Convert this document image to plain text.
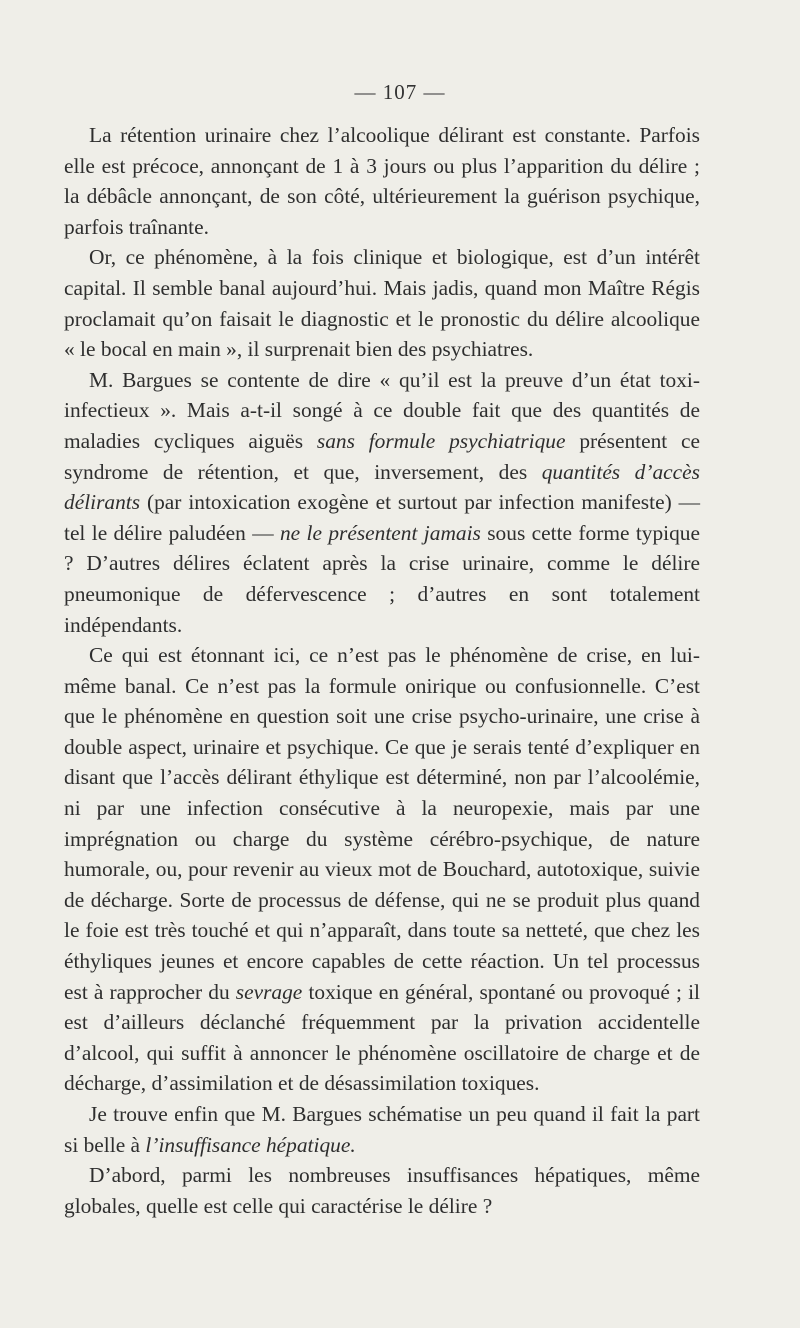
— 107 —

La rétention urinaire chez l’alcoolique délirant est constante. Parfois elle est précoce, annonçant de 1 à 3 jours ou plus l’apparition du délire ; la débâcle annonçant, de son côté, ultérieurement la guérison psychique, parfois traînante.

Or, ce phénomène, à la fois clinique et biologique, est d’un intérêt capital. Il semble banal aujourd’hui. Mais jadis, quand mon Maître Régis proclamait qu’on faisait le diagnostic et le pronostic du délire alcoolique « le bocal en main », il surprenait bien des psychiatres.

M. Bargues se contente de dire « qu’il est la preuve d’un état toxi-infectieux ». Mais a-t-il songé à ce double fait que des quantités de maladies cycliques aiguës sans formule psychiatrique présentent ce syndrome de rétention, et que, inversement, des quantités d’accès délirants (par intoxication exogène et surtout par infection manifeste) — tel le délire paludéen — ne le présentent jamais sous cette forme typique ? D’autres délires éclatent après la crise urinaire, comme le délire pneumonique de défervescence ; d’autres en sont totalement indépendants.

Ce qui est étonnant ici, ce n’est pas le phénomène de crise, en lui-même banal. Ce n’est pas la formule onirique ou confusionnelle. C’est que le phénomène en question soit une crise psycho-urinaire, une crise à double aspect, urinaire et psychique. Ce que je serais tenté d’expliquer en disant que l’accès délirant éthylique est déterminé, non par l’alcoolémie, ni par une infection consécutive à la neuropexie, mais par une imprégnation ou charge du système cérébro-psychique, de nature humorale, ou, pour revenir au vieux mot de Bouchard, autotoxique, suivie de décharge. Sorte de processus de défense, qui ne se produit plus quand le foie est très touché et qui n’apparaît, dans toute sa netteté, que chez les éthyliques jeunes et encore capables de cette réaction. Un tel processus est à rapprocher du sevrage toxique en général, spontané ou provoqué ; il est d’ailleurs déclanché fréquemment par la privation accidentelle d’alcool, qui suffit à annoncer le phénomène oscillatoire de charge et de décharge, d’assimilation et de désassimilation toxiques.

Je trouve enfin que M. Bargues schématise un peu quand il fait la part si belle à l’insuffisance hépatique.

D’abord, parmi les nombreuses insuffisances hépatiques, même globales, quelle est celle qui caractérise le délire ?
